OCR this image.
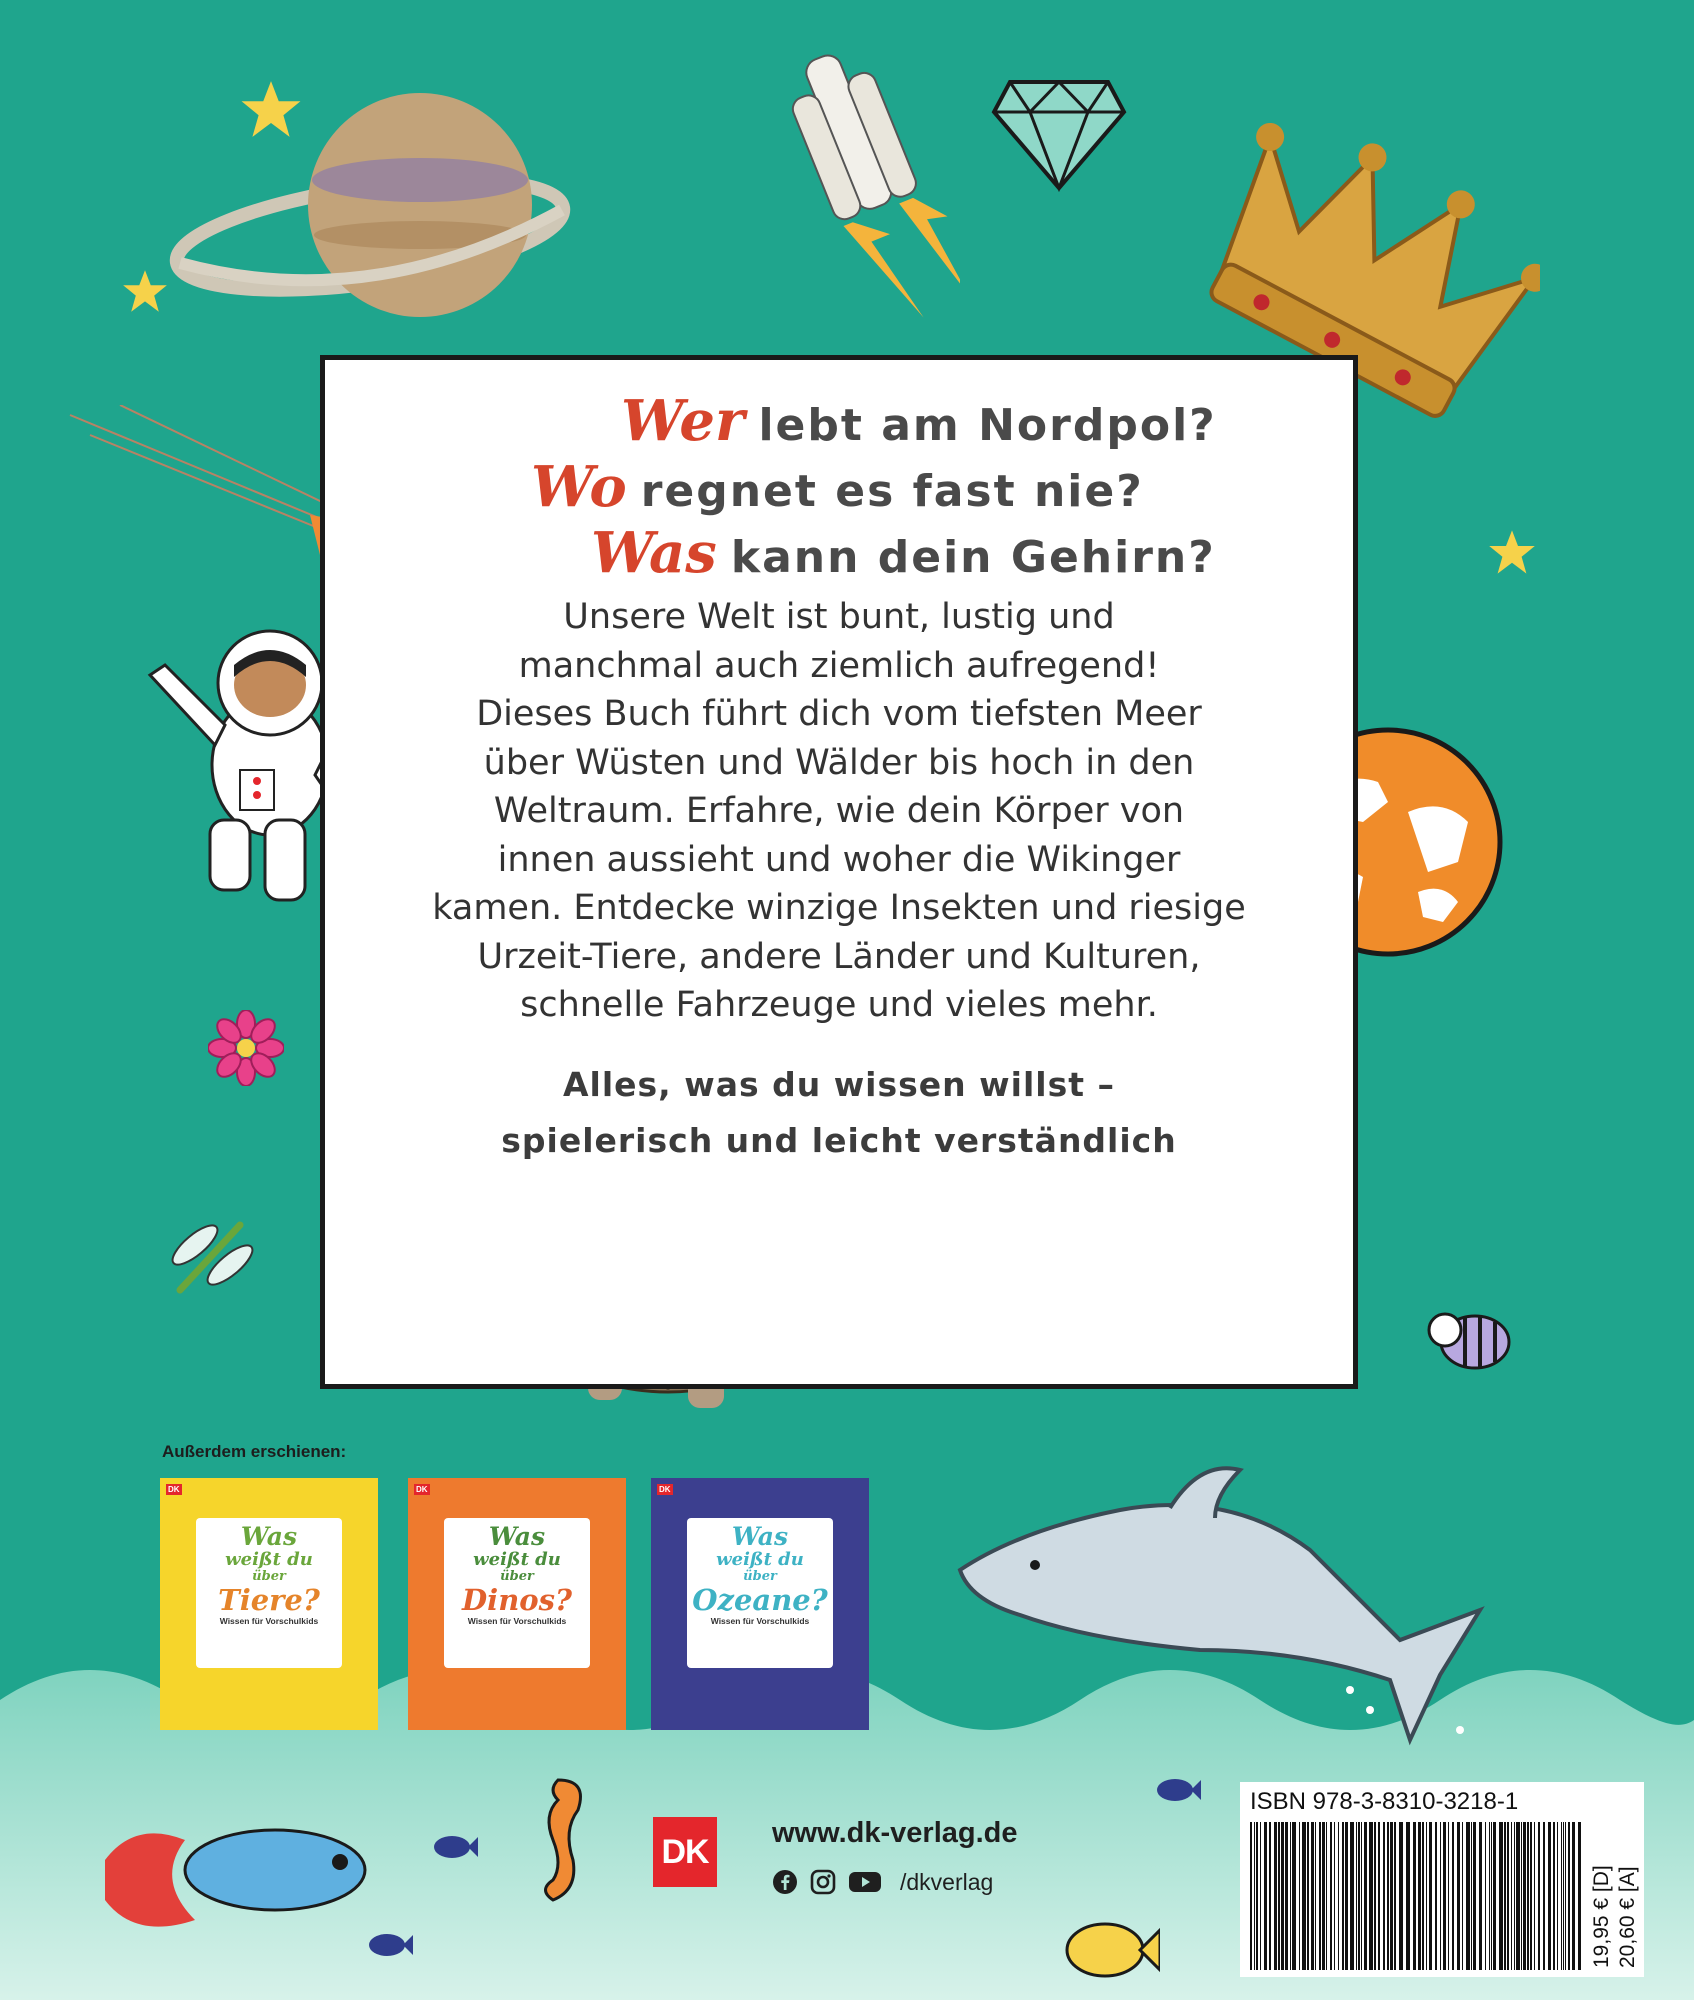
Wer lebt am Nordpol?
Wo regnet es fast nie?
Was kann dein Gehirn?
Unsere Welt ist bunt, lustig und
manchmal auch ziemlich aufregend!
Dieses Buch führt dich vom tiefsten Meer
über Wüsten und Wälder bis hoch in den
Weltraum. Erfahre, wie dein Körper von
innen aussieht und woher die Wikinger
kamen. Entdecke winzige Insekten und riesige
Urzeit-Tiere, andere Länder und Kulturen,
schnelle Fahrzeuge und vieles mehr.
Alles, was du wissen willst –
spielerisch und leicht verständlich
Außerdem erschienen:
DK
Was
weißt du
über
Tiere?
Wissen für Vorschulkids
DK
Was
weißt du
über
Dinos?
Wissen für Vorschulkids
DK
Was
weißt du
über
Ozeane?
Wissen für Vorschulkids
DK www.dk-verlag.de
/dkverlag
ISBN 978-3-8310-3218-1
19,95 € [D] 20,60 € [A]
